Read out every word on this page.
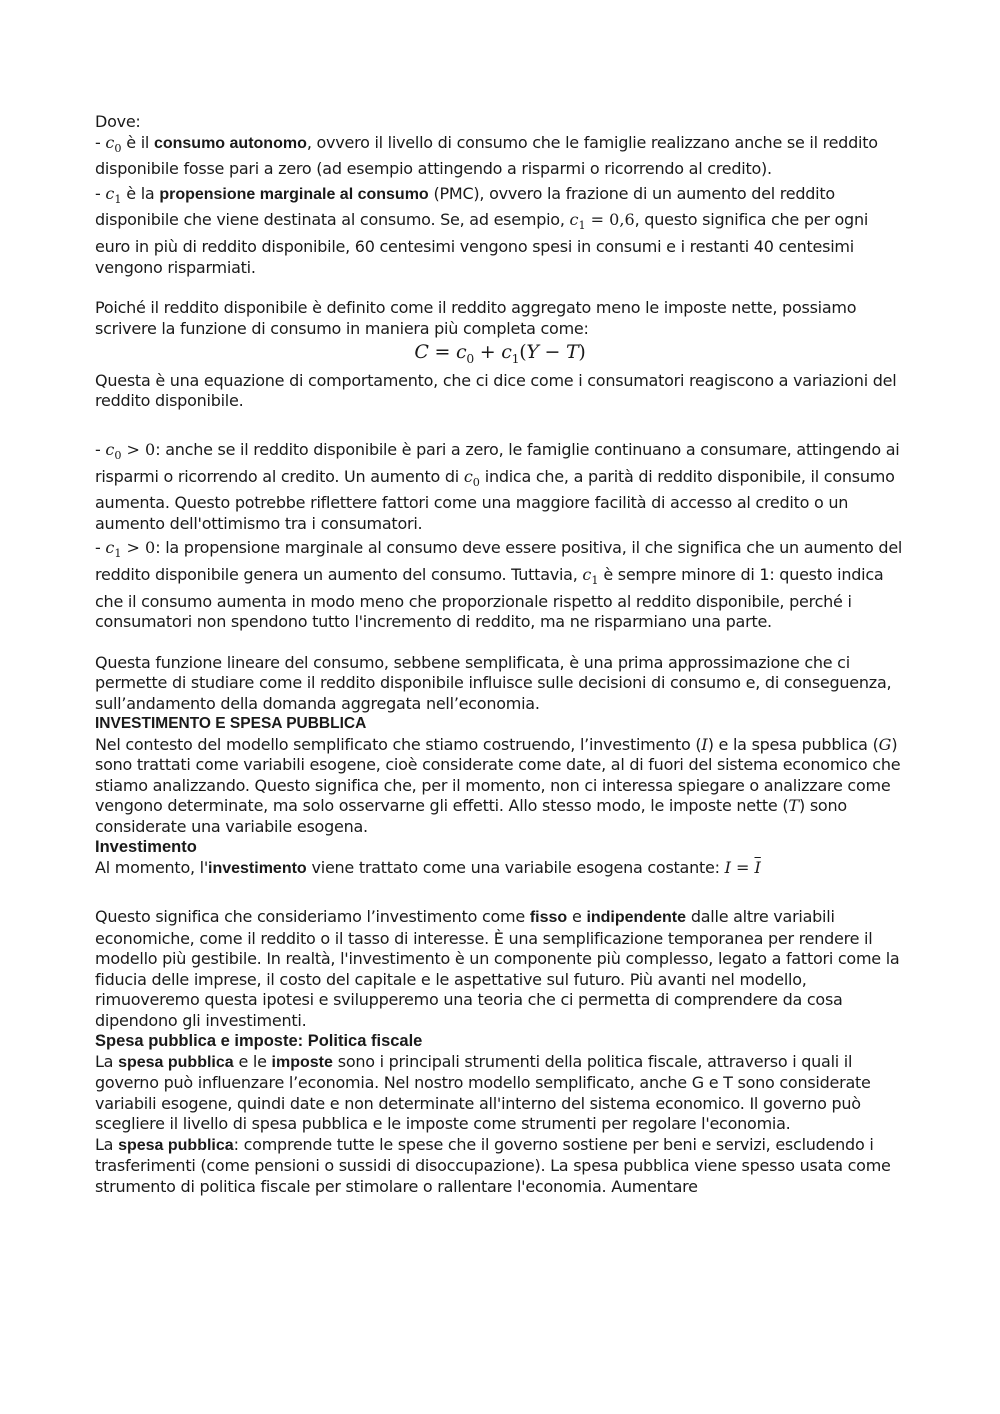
Dove:

- $c_0$ è il consumo autonomo, ovvero il livello di consumo che le famiglie realizzano anche se il reddito disponibile fosse pari a zero (ad esempio attingendo a risparmi o ricorrendo al credito).

- $c_1$ è la propensione marginale al consumo (PMC), ovvero la frazione di un aumento del reddito disponibile che viene destinata al consumo. Se, ad esempio, $c_1 = 0,6$, questo significa che per ogni euro in più di reddito disponibile, 60 centesimi vengono spesi in consumi e i restanti 40 centesimi vengono risparmiati.

Poiché il reddito disponibile è definito come il reddito aggregato meno le imposte nette, possiamo scrivere la funzione di consumo in maniera più completa come:

$C = c_0 + c_1(Y - T)$

Questa è una equazione di comportamento, che ci dice come i consumatori reagiscono a variazioni del reddito disponibile.

- $c_0 > 0$: anche se il reddito disponibile è pari a zero, le famiglie continuano a consumare, attingendo ai risparmi o ricorrendo al credito. Un aumento di $c_0$ indica che, a parità di reddito disponibile, il consumo aumenta. Questo potrebbe riflettere fattori come una maggiore facilità di accesso al credito o un aumento dell'ottimismo tra i consumatori.

- $c_1 > 0$: la propensione marginale al consumo deve essere positiva, il che significa che un aumento del reddito disponibile genera un aumento del consumo. Tuttavia, $c_1$ è sempre minore di 1: questo indica che il consumo aumenta in modo meno che proporzionale rispetto al reddito disponibile, perché i consumatori non spendono tutto l'incremento di reddito, ma ne risparmiano una parte.

Questa funzione lineare del consumo, sebbene semplificata, è una prima approssimazione che ci permette di studiare come il reddito disponibile influisce sulle decisioni di consumo e, di conseguenza, sull’andamento della domanda aggregata nell’economia.

INVESTIMENTO E SPESA PUBBLICA

Nel contesto del modello semplificato che stiamo costruendo, l’investimento (I) e la spesa pubblica (G) sono trattati come variabili esogene, cioè considerate come date, al di fuori del sistema economico che stiamo analizzando. Questo significa che, per il momento, non ci interessa spiegare o analizzare come vengono determinate, ma solo osservarne gli effetti. Allo stesso modo, le imposte nette (T) sono considerate una variabile esogena.

Investimento

Al momento, l'investimento viene trattato come una variabile esogena costante: $I = \overline{I}$

Questo significa che consideriamo l’investimento come fisso e indipendente dalle altre variabili economiche, come il reddito o il tasso di interesse. È una semplificazione temporanea per rendere il modello più gestibile. In realtà, l'investimento è un componente più complesso, legato a fattori come la fiducia delle imprese, il costo del capitale e le aspettative sul futuro. Più avanti nel modello, rimuoveremo questa ipotesi e svilupperemo una teoria che ci permetta di comprendere da cosa dipendono gli investimenti.

Spesa pubblica e imposte: Politica fiscale

La spesa pubblica e le imposte sono i principali strumenti della politica fiscale, attraverso i quali il governo può influenzare l’economia. Nel nostro modello semplificato, anche G e T sono considerate variabili esogene, quindi date e non determinate all'interno del sistema economico. Il governo può scegliere il livello di spesa pubblica e le imposte come strumenti per regolare l'economia.

La spesa pubblica: comprende tutte le spese che il governo sostiene per beni e servizi, escludendo i trasferimenti (come pensioni o sussidi di disoccupazione). La spesa pubblica viene spesso usata come strumento di politica fiscale per stimolare o rallentare l'economia. Aumentare
